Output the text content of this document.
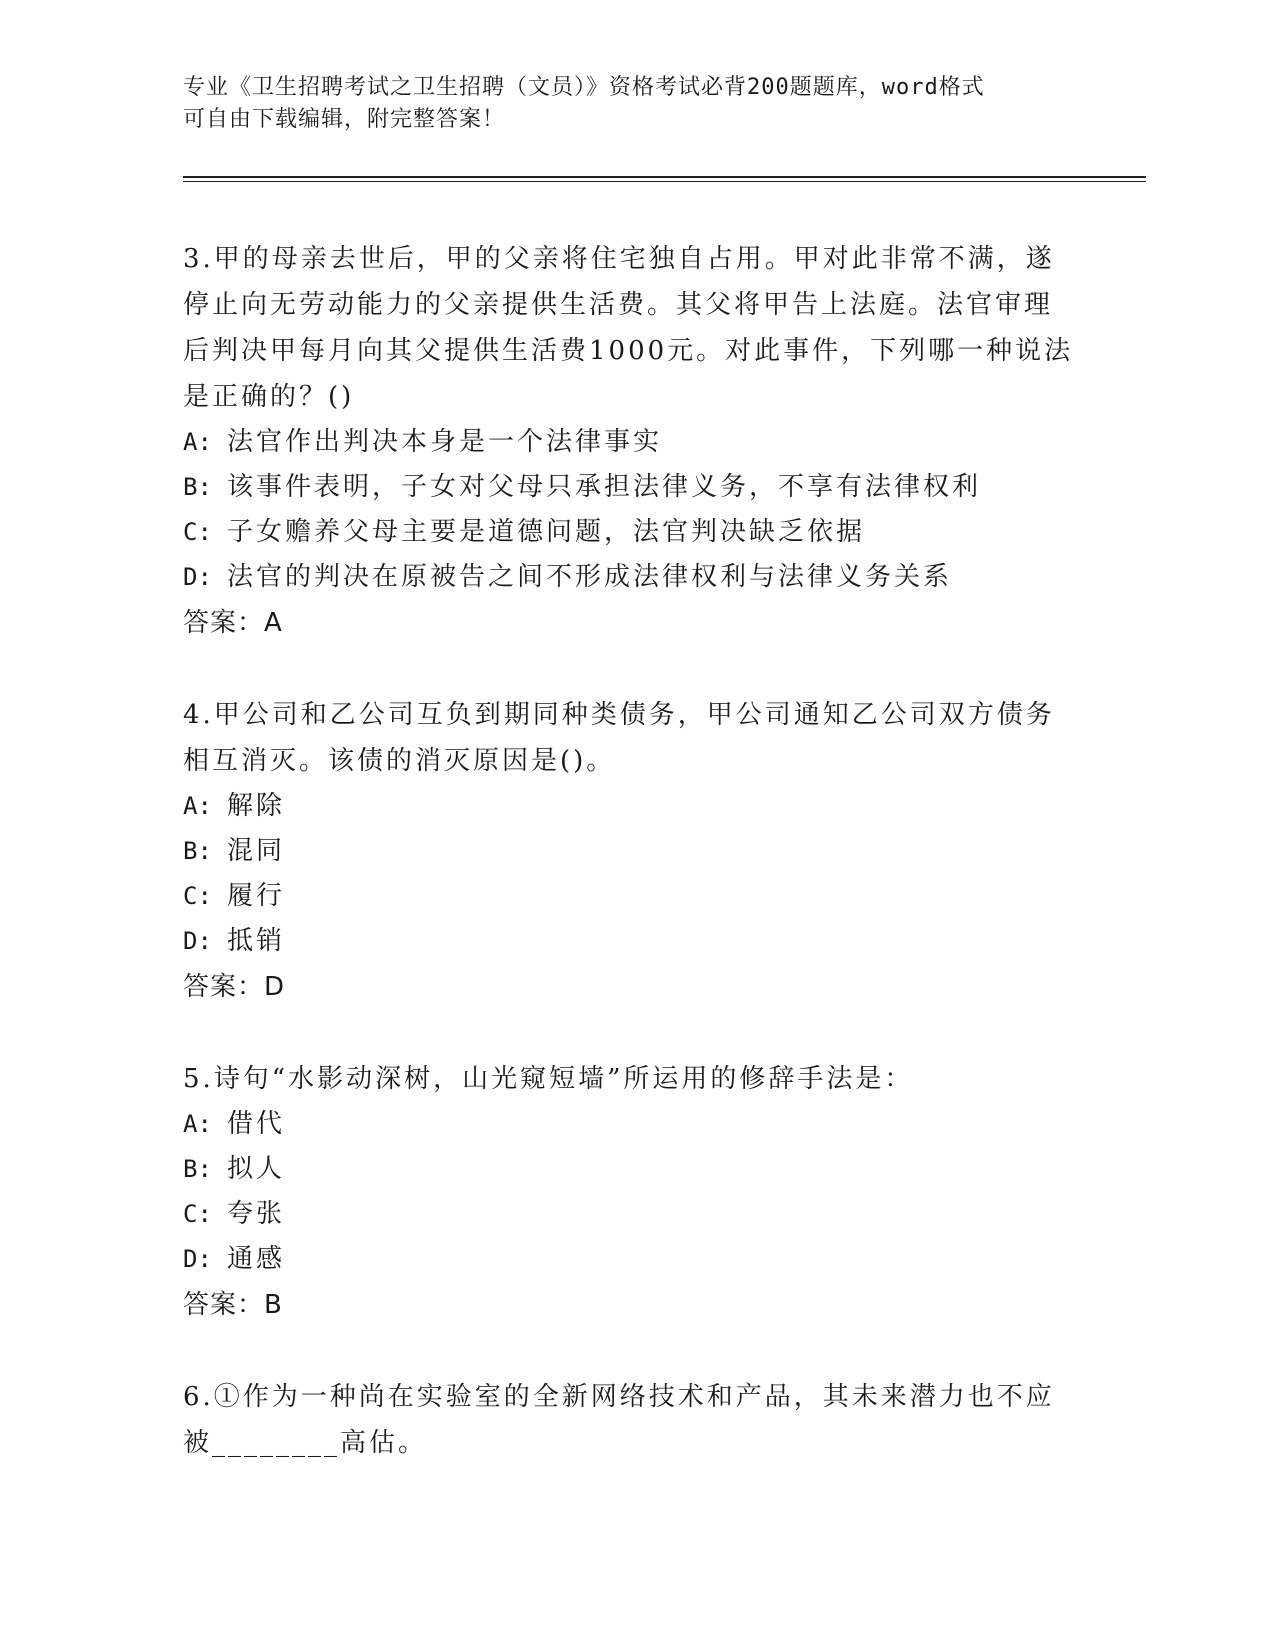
专业《卫生招聘考试之卫生招聘（文员）》资格考试必背200题题库，word格式
可自由下载编辑，附完整答案！
3.甲的母亲去世后，甲的父亲将住宅独自占用。甲对此非常不满，遂
停止向无劳动能力的父亲提供生活费。其父将甲告上法庭。法官审理
后判决甲每月向其父提供生活费1000元。对此事件，下列哪一种说法
是正确的？()
A: 法官作出判决本身是一个法律事实
B: 该事件表明，子女对父母只承担法律义务，不享有法律权利
C: 子女赡养父母主要是道德问题，法官判决缺乏依据
D: 法官的判决在原被告之间不形成法律权利与法律义务关系
答案：A
4.甲公司和乙公司互负到期同种类债务，甲公司通知乙公司双方债务
相互消灭。该债的消灭原因是()。
A: 解除
B: 混同
C: 履行
D: 抵销
答案：D
5.诗句“水影动深树，山光窥短墙”所运用的修辞手法是：
A: 借代
B: 拟人
C: 夸张
D: 通感
答案：B
6.①作为一种尚在实验室的全新网络技术和产品，其未来潜力也不应
被________高估。
